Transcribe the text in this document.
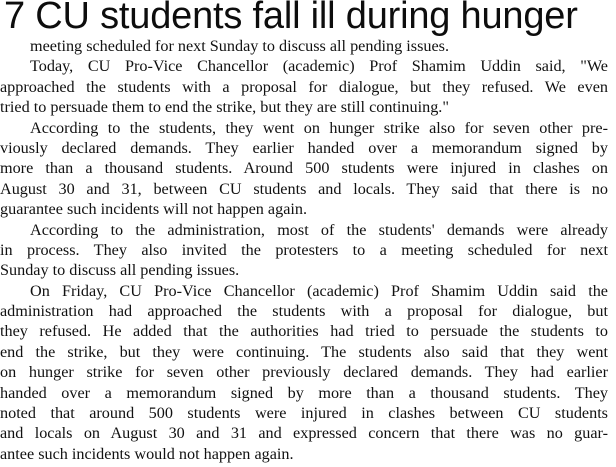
7 CU students fall ill during hunger
meeting scheduled for next Sunday to discuss all pending issues.
Today, CU Pro-Vice Chancellor (academic) Prof Shamim Uddin said, "We
approached the students with a proposal for dialogue, but they refused. We even
tried to persuade them to end the strike, but they are still continuing."
According to the students, they went on hunger strike also for seven other pre-
viously declared demands. They earlier handed over a memorandum signed by
more than a thousand students. Around 500 students were injured in clashes on
August 30 and 31, between CU students and locals. They said that there is no
guarantee such incidents will not happen again.
According to the administration, most of the students' demands were already
in process. They also invited the protesters to a meeting scheduled for next
Sunday to discuss all pending issues.
On Friday, CU Pro-Vice Chancellor (academic) Prof Shamim Uddin said the
administration had approached the students with a proposal for dialogue, but
they refused. He added that the authorities had tried to persuade the students to
end the strike, but they were continuing. The students also said that they went
on hunger strike for seven other previously declared demands. They had earlier
handed over a memorandum signed by more than a thousand students. They
noted that around 500 students were injured in clashes between CU students
and locals on August 30 and 31 and expressed concern that there was no guar-
antee such incidents would not happen again.
